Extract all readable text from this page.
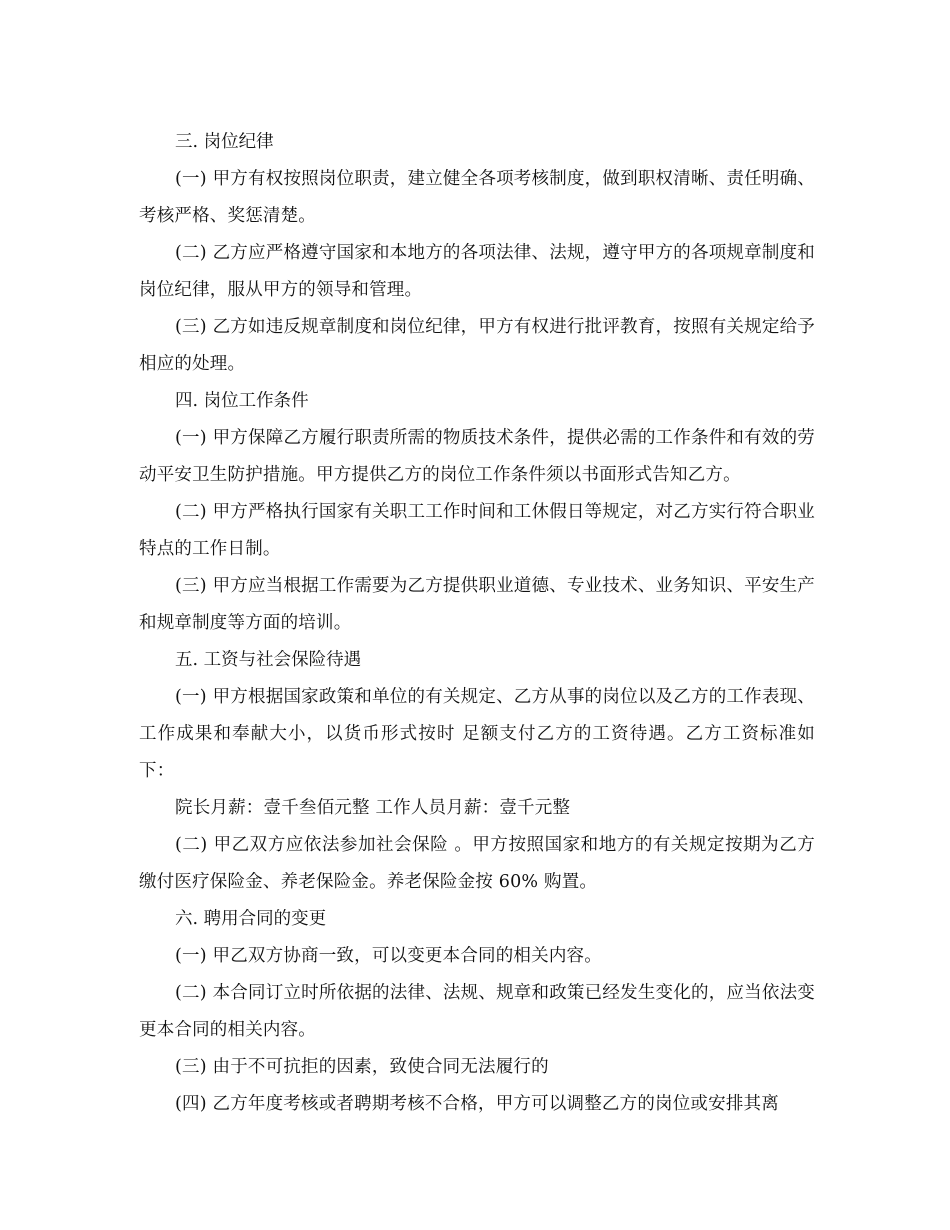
三. 岗位纪律

(一) 甲方有权按照岗位职责，建立健全各项考核制度，做到职权清晰、责任明确、考核严格、奖惩清楚。

(二) 乙方应严格遵守国家和本地方的各项法律、法规，遵守甲方的各项规章制度和岗位纪律，服从甲方的领导和管理。

(三) 乙方如违反规章制度和岗位纪律，甲方有权进行批评教育，按照有关规定给予相应的处理。

四. 岗位工作条件

(一) 甲方保障乙方履行职责所需的物质技术条件，提供必需的工作条件和有效的劳动平安卫生防护措施。甲方提供乙方的岗位工作条件须以书面形式告知乙方。

(二) 甲方严格执行国家有关职工工作时间和工休假日等规定，对乙方实行符合职业特点的工作日制。

(三) 甲方应当根据工作需要为乙方提供职业道德、专业技术、业务知识、平安生产和规章制度等方面的培训。

五. 工资与社会保险待遇

(一) 甲方根据国家政策和单位的有关规定、乙方从事的岗位以及乙方的工作表现、工作成果和奉献大小，以货币形式按时 足额支付乙方的工资待遇。乙方工资标准如下：

院长月薪：壹千叁佰元整 工作人员月薪：壹千元整

(二) 甲乙双方应依法参加社会保险 。甲方按照国家和地方的有关规定按期为乙方缴付医疗保险金、养老保险金。养老保险金按 60% 购置。

六. 聘用合同的变更

(一) 甲乙双方协商一致，可以变更本合同的相关内容。

(二) 本合同订立时所依据的法律、法规、规章和政策已经发生变化的，应当依法变更本合同的相关内容。

(三) 由于不可抗拒的因素，致使合同无法履行的

(四) 乙方年度考核或者聘期考核不合格，甲方可以调整乙方的岗位或安排其离
